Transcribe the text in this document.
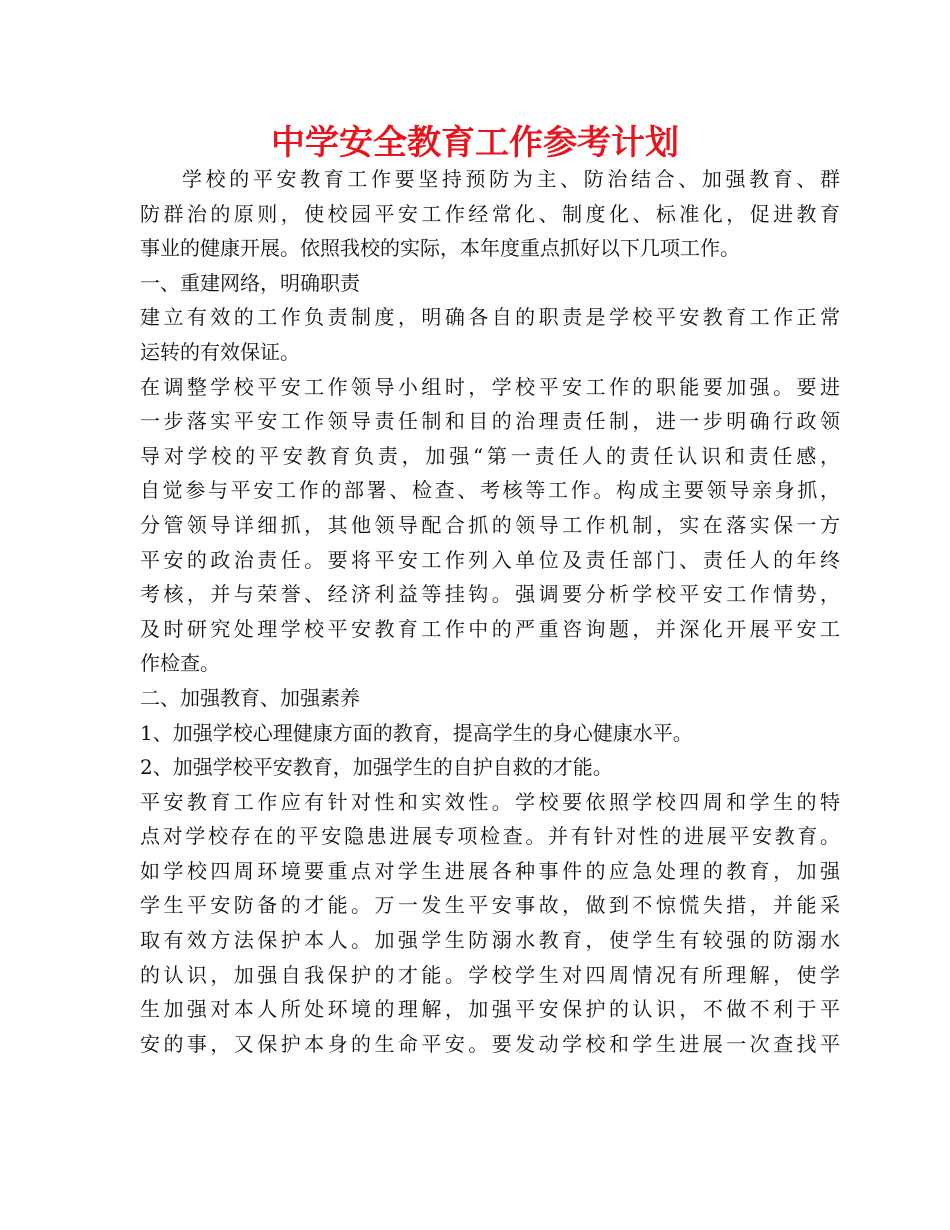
中学安全教育工作参考计划
学校的平安教育工作要坚持预防为主、防治结合、加强教育、群
防群治的原则，使校园平安工作经常化、制度化、标准化，促进教育
事业的健康开展。依照我校的实际，本年度重点抓好以下几项工作。
一、重建网络，明确职责
建立有效的工作负责制度，明确各自的职责是学校平安教育工作正常
运转的有效保证。
在调整学校平安工作领导小组时，学校平安工作的职能要加强。要进
一步落实平安工作领导责任制和目的治理责任制，进一步明确行政领
导对学校的平安教育负责，加强“第一责任人的责任认识和责任感，
自觉参与平安工作的部署、检查、考核等工作。构成主要领导亲身抓，
分管领导详细抓，其他领导配合抓的领导工作机制，实在落实保一方
平安的政治责任。要将平安工作列入单位及责任部门、责任人的年终
考核，并与荣誉、经济利益等挂钩。强调要分析学校平安工作情势，
及时研究处理学校平安教育工作中的严重咨询题，并深化开展平安工
作检查。
二、加强教育、加强素养
1、加强学校心理健康方面的教育，提高学生的身心健康水平。
2、加强学校平安教育，加强学生的自护自救的才能。
平安教育工作应有针对性和实效性。学校要依照学校四周和学生的特
点对学校存在的平安隐患进展专项检查。并有针对性的进展平安教育。
如学校四周环境要重点对学生进展各种事件的应急处理的教育，加强
学生平安防备的才能。万一发生平安事故，做到不惊慌失措，并能采
取有效方法保护本人。加强学生防溺水教育，使学生有较强的防溺水
的认识，加强自我保护的才能。学校学生对四周情况有所理解，使学
生加强对本人所处环境的理解，加强平安保护的认识，不做不利于平
安的事，又保护本身的生命平安。要发动学校和学生进展一次查找平
